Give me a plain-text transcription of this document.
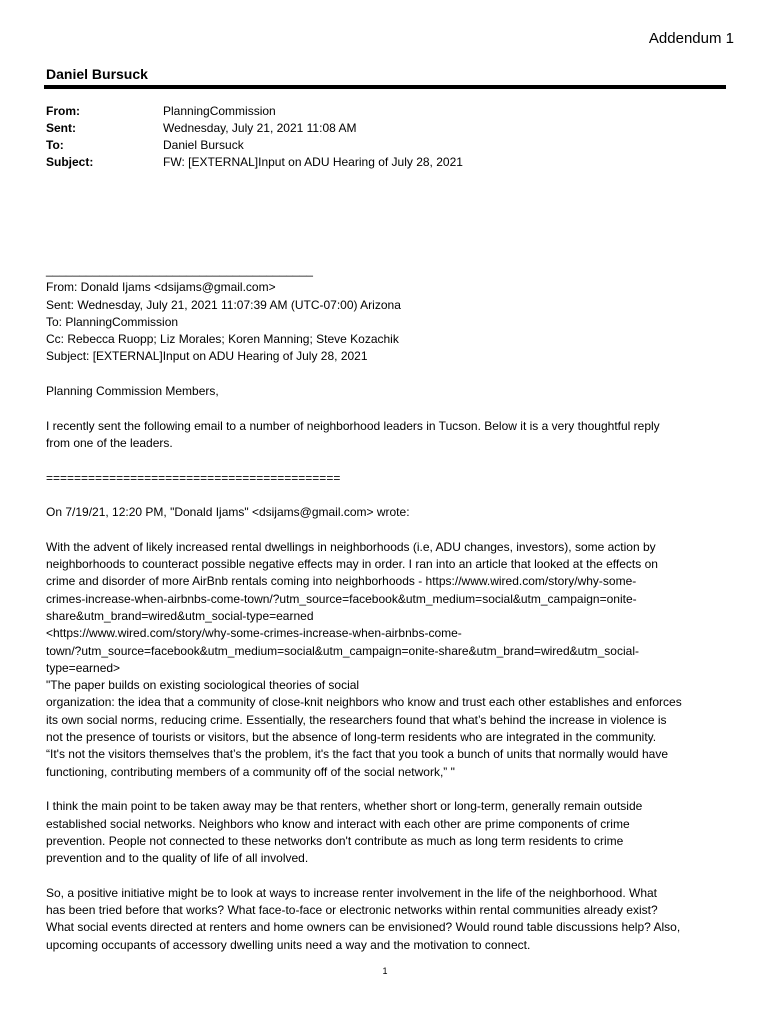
Addendum 1
Daniel Bursuck
From:	PlanningCommission
Sent:	Wednesday, July 21, 2021 11:08 AM
To:	Daniel Bursuck
Subject:	FW: [EXTERNAL]Input on ADU Hearing of July 28, 2021
________________________________________
From: Donald Ijams <dsijams@gmail.com>
Sent: Wednesday, July 21, 2021 11:07:39 AM (UTC-07:00) Arizona
To: PlanningCommission
Cc: Rebecca Ruopp; Liz Morales; Koren Manning; Steve Kozachik
Subject: [EXTERNAL]Input on ADU Hearing of July 28, 2021
Planning Commission Members,
I recently sent the following email to a number of neighborhood leaders in Tucson. Below it is a very thoughtful reply
from one of the leaders.
==========================================
On 7/19/21, 12:20 PM, "Donald Ijams" <dsijams@gmail.com> wrote:
With the advent of likely increased rental dwellings in neighborhoods (i.e, ADU changes, investors), some action by
neighborhoods to counteract possible negative effects may in order. I ran into an article that looked at the effects on
crime and disorder of more AirBnb rentals coming into neighborhoods - https://www.wired.com/story/why-some-
crimes-increase-when-airbnbs-come-town/?utm_source=facebook&utm_medium=social&utm_campaign=onite-
share&utm_brand=wired&utm_social-type=earned
<https://www.wired.com/story/why-some-crimes-increase-when-airbnbs-come-
town/?utm_source=facebook&utm_medium=social&utm_campaign=onite-share&utm_brand=wired&utm_social-
type=earned>
"The paper builds on existing sociological theories of social
organization: the idea that a community of close-knit neighbors who know and trust each other establishes and enforces
its own social norms, reducing crime. Essentially, the researchers found that what’s behind the increase in violence is
not the presence of tourists or visitors, but the absence of long-term residents who are integrated in the community.
“It's not the visitors themselves that’s the problem, it's the fact that you took a bunch of units that normally would have
functioning, contributing members of a community off of the social network,” "
I think the main point to be taken away may be that renters, whether short or long-term, generally remain outside
established social networks. Neighbors who know and interact with each other are prime components of crime
prevention. People not connected to these networks don't contribute as much as long term residents to crime
prevention and to the quality of life of all involved.
So, a positive initiative might be to look at ways to increase renter involvement in the life of the neighborhood. What
has been tried before that works? What face-to-face or electronic networks within rental communities already exist?
What social events directed at renters and home owners can be envisioned? Would round table discussions help? Also,
upcoming occupants of accessory dwelling units need a way and the motivation to connect.
1
